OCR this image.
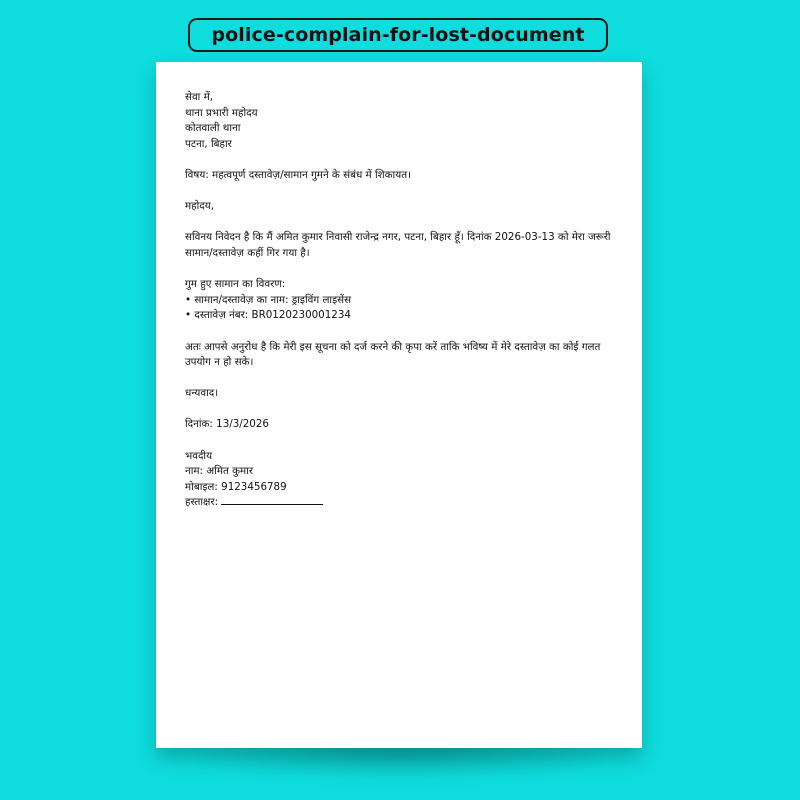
police-complain-for-lost-document
सेवा में,
थाना प्रभारी महोदय
कोतवाली थाना
पटना, बिहार
विषय: महत्वपूर्ण दस्तावेज़/सामान गुमने के संबंध में शिकायत।
महोदय,
सविनय निवेदन है कि मैं अमित कुमार निवासी राजेन्द्र नगर, पटना, बिहार हूँ। दिनांक 2026-03-13 को मेरा जरूरी
सामान/दस्तावेज़ कहीं गिर गया है।
गुम हुए सामान का विवरण:
• सामान/दस्तावेज़ का नाम: ड्राइविंग लाइसेंस
• दस्तावेज़ नंबर: BR0120230001234
अतः आपसे अनुरोध है कि मेरी इस सूचना को दर्ज करने की कृपा करें ताकि भविष्य में मेरे दस्तावेज़ का कोई गलत
उपयोग न हो सके।
धन्यवाद।
दिनांक: 13/3/2026
भवदीय
नाम: अमित कुमार
मोबाइल: 9123456789
हस्ताक्षर:
